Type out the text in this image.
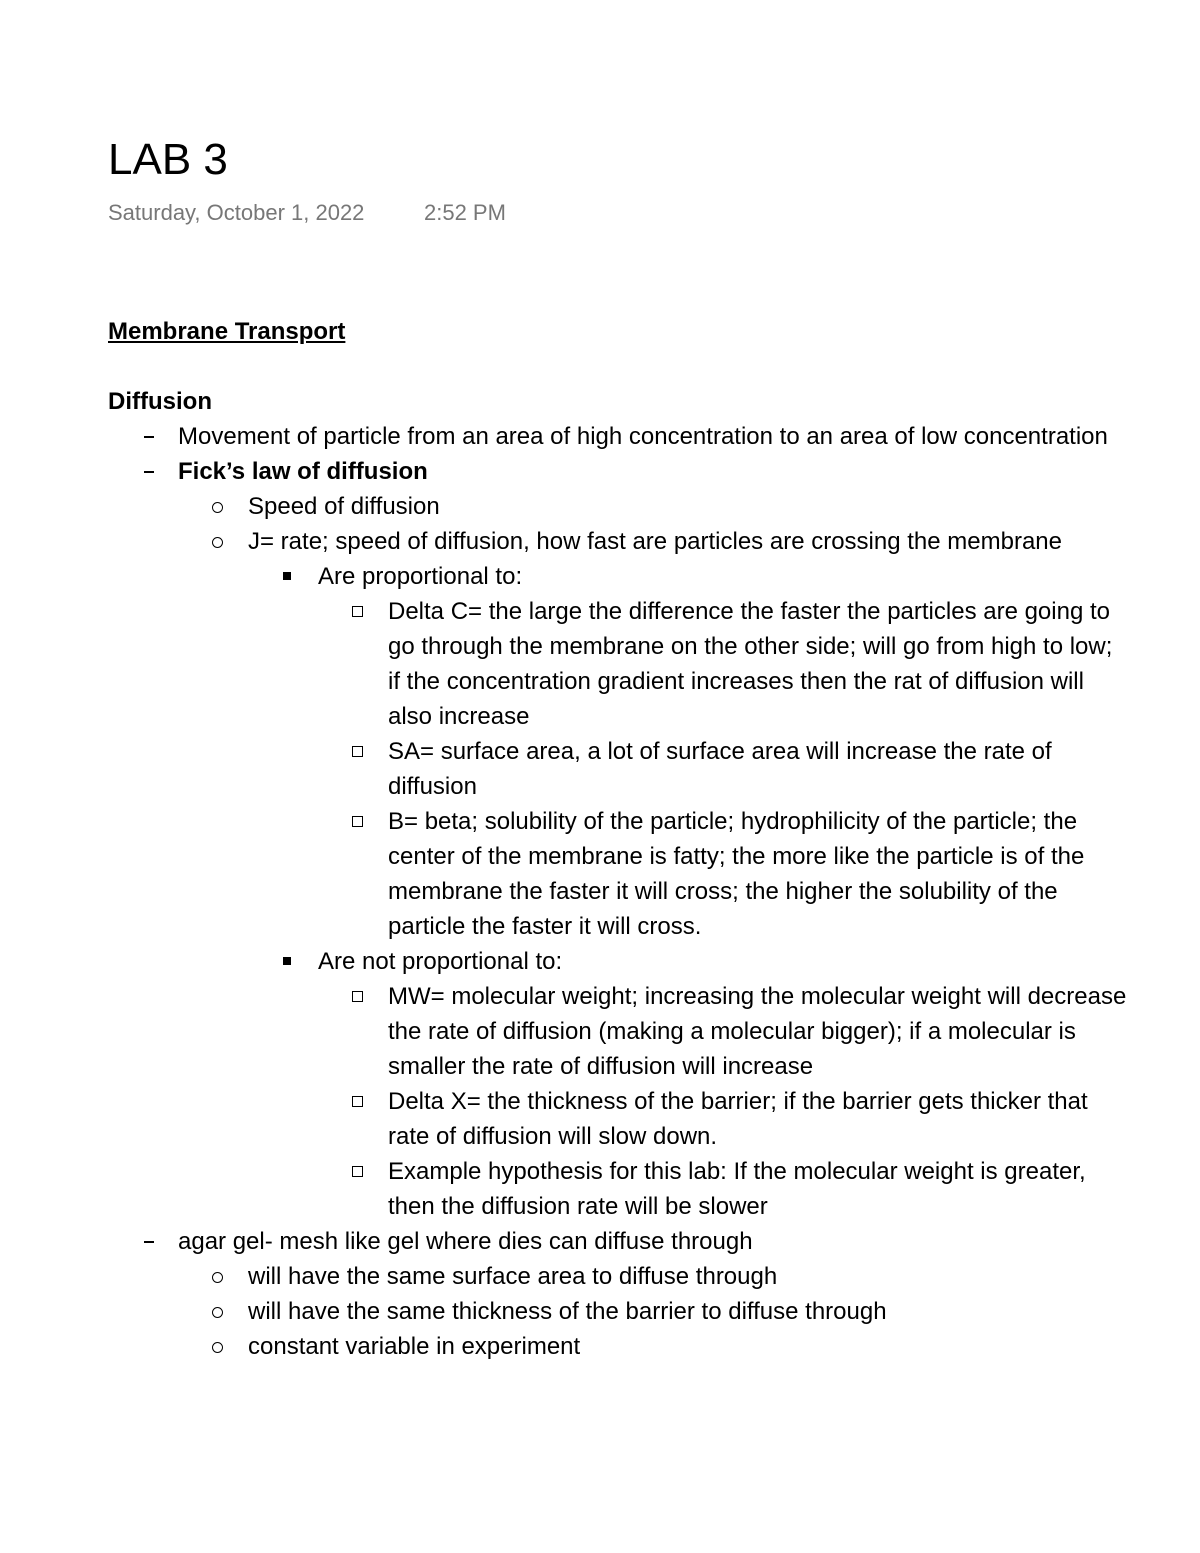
LAB 3
Saturday, October 1, 2022	2:52 PM
Membrane Transport
Diffusion
Movement of particle from an area of high concentration to an area of low concentration
Fick’s law of diffusion
Speed of diffusion
J= rate; speed of diffusion, how fast are particles are crossing the membrane
Are proportional to:
Delta C= the large the difference the faster the particles are going to go through the membrane on the other side; will go from high to low; if the concentration gradient increases then the rat of diffusion will also increase
SA= surface area, a lot of surface area will increase the rate of diffusion
B= beta; solubility of the particle; hydrophilicity of the particle; the center of the membrane is fatty; the more like the particle is of the membrane the faster it will cross; the higher the solubility of the particle the faster it will cross.
Are not proportional to:
MW= molecular weight; increasing the molecular weight will decrease the rate of diffusion (making a molecular bigger); if a molecular is smaller the rate of diffusion will increase
Delta X= the thickness of the barrier; if the barrier gets thicker that rate of diffusion will slow down.
Example hypothesis for this lab: If the molecular weight is greater, then the diffusion rate will be slower
agar gel- mesh like gel where dies can diffuse through
will have the same surface area to diffuse through
will have the same thickness of the barrier to diffuse through
constant variable in experiment
